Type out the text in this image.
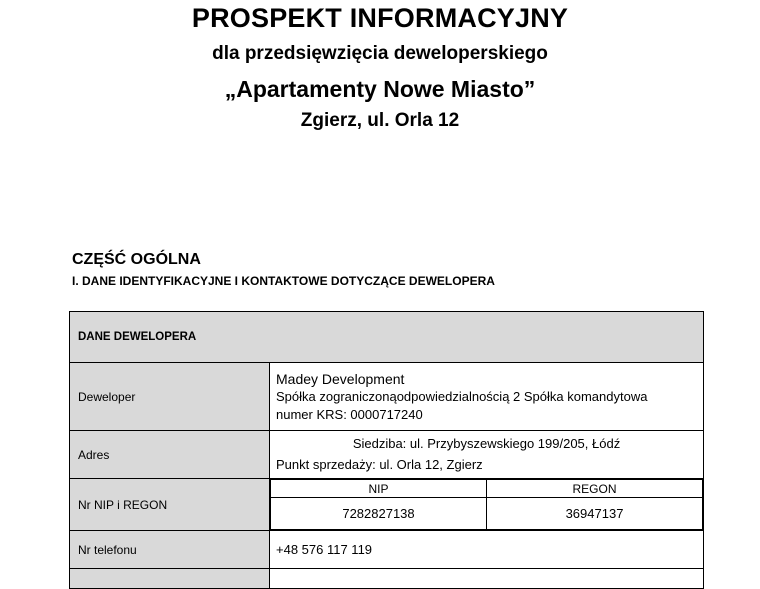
PROSPEKT INFORMACYJNY
dla przedsięwzięcia deweloperskiego
„Apartamenty Nowe Miasto”
Zgierz, ul. Orla 12
CZĘŚĆ OGÓLNA
I. DANE IDENTYFIKACYJNE I KONTAKTOWE DOTYCZĄCE DEWELOPERA
DANE DEWELOPERA
Deweloper	
Madey Development
Spółka zograniczonąodpowiedzialnością 2 Spółka komandytowa
numer KRS: 0000717240

Adres	
Siedziba: ul. Przybyszewskiego 199/205, Łódź
Punkt sprzedaży: ul. Orla 12, Zgierz

Nr NIP i REGON	
NIP	REGON
7282827138	36947137

Nr telefonu	+48 576 117 119
